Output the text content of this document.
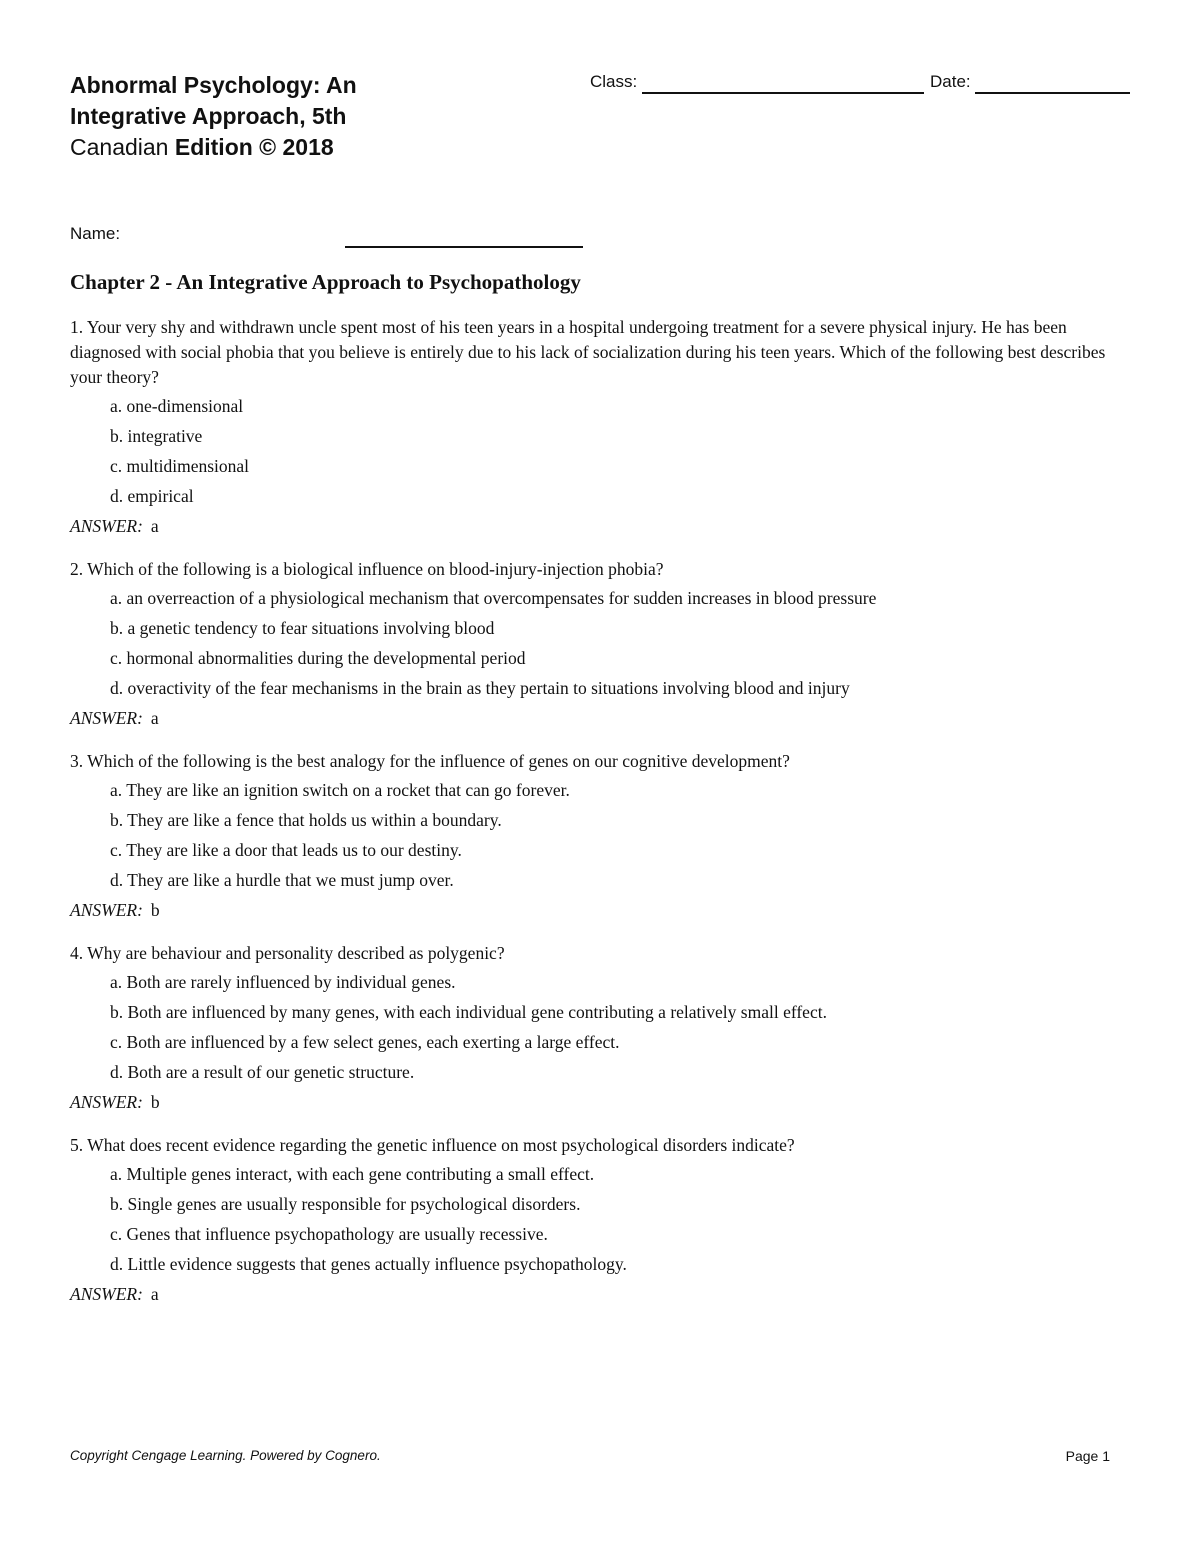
Abnormal Psychology: An Integrative Approach, 5th Canadian Edition © 2018
Name:
Class:	Date:
Chapter 2 - An Integrative Approach to Psychopathology
1. Your very shy and withdrawn uncle spent most of his teen years in a hospital undergoing treatment for a severe physical injury. He has been diagnosed with social phobia that you believe is entirely due to his lack of socialization during his teen years. Which of the following best describes your theory?
a. one-dimensional
b. integrative
c. multidimensional
d. empirical
ANSWER: a
2. Which of the following is a biological influence on blood-injury-injection phobia?
a. an overreaction of a physiological mechanism that overcompensates for sudden increases in blood pressure
b. a genetic tendency to fear situations involving blood
c. hormonal abnormalities during the developmental period
d. overactivity of the fear mechanisms in the brain as they pertain to situations involving blood and injury
ANSWER: a
3. Which of the following is the best analogy for the influence of genes on our cognitive development?
a. They are like an ignition switch on a rocket that can go forever.
b. They are like a fence that holds us within a boundary.
c. They are like a door that leads us to our destiny.
d. They are like a hurdle that we must jump over.
ANSWER: b
4. Why are behaviour and personality described as polygenic?
a. Both are rarely influenced by individual genes.
b. Both are influenced by many genes, with each individual gene contributing a relatively small effect.
c. Both are influenced by a few select genes, each exerting a large effect.
d. Both are a result of our genetic structure.
ANSWER: b
5. What does recent evidence regarding the genetic influence on most psychological disorders indicate?
a. Multiple genes interact, with each gene contributing a small effect.
b. Single genes are usually responsible for psychological disorders.
c. Genes that influence psychopathology are usually recessive.
d. Little evidence suggests that genes actually influence psychopathology.
ANSWER: a
Copyright Cengage Learning. Powered by Cognero.	Page 1
